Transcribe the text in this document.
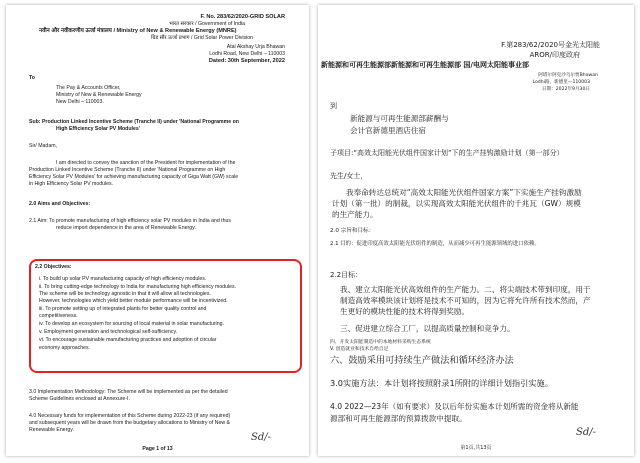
F. No. 283/62/2020-GRID SOLAR
भारत सरकार / Government of India
नवीन और नवीकरणीय ऊर्जा मंत्रालय / Ministry of New & Renewable Energy (MNRE)
ग्रिड सौर ऊर्जा प्रभाग / Grid Solar Power Division
Atal Akshay Urja Bhawan
Lodhi Road, New Delhi – 110003
Dated: 30th September, 2022
To
The Pay & Accounts Officer,
Ministry of New & Renewable Energy
New Delhi – 110003.
Sub: Production Linked Incentive Scheme (Tranche II) under 'National Programme on
High Efficiency Solar PV Modules'
Sir/ Madam,
I am directed to convey the sanction of the President for implementation of the
Production Linked Incentive Scheme (Tranche II) under 'National Programme on High
Efficiency Solar PV Modules' for achieving manufacturing capacity of Giga Watt (GW) scale
in High Efficiency Solar PV modules.
2.0 Aims and Objectives:
2.1 Aim: To promote manufacturing of high efficiency solar PV modules in India and thus
reduce import dependence in the area of Renewable Energy.
2.2 Objectives:
i. To build up solar PV manufacturing capacity of high efficiency modules.
ii. To bring cutting-edge technology to India for manufacturing high efficiency modules.
The scheme will be technology agnostic in that it will allow all technologies.
However, technologies which yield better module performance will be incentivized.
iii. To promote setting up of integrated plants for better quality control and
competitiveness.
iv. To develop an ecosystem for sourcing of local material in solar manufacturing.
v. Employment generation and technological self-sufficiency.
vi. To encourage sustainable manufacturing practices and adoption of circular
economy approaches.
3.0 Implementation Methodology: The Scheme will be implemented as per the detailed
Scheme Guidelines enclosed at Annexure-I.
4.0 Necessary funds for implementation of this Scheme during 2022-23 (if any required)
and subsequent years will be drawn from the budgetary allocations to Ministry of New &
Renewable Energy.
Sd/-
Page 1 of 13
F.第283/62/2020号金光太阳能
AROR/印度政府
新能源和可再生能源部新能源和可再生能源部 国/电网太阳能事业部
阿塔尔阿克沙乌尔贾Bhawan
Lodhi路，新德里—110003
日期：2022年9月30日
到
新能源与可再生能源部薪酬与
会计官新德里酒店住宿
子项目:“高效太阳能光伏组件国家计划”下的生产挂钩激励计划（第一部分）
先生/女士，
我奉命转达总统对“高效太阳能光伏组件国家方案”下实施生产挂钩激励
计划（第一批）的制裁，以实现高效太阳能光伏组件的千兆瓦（GW）规模
的生产能力。
2.0 宗旨和目标：
2.1 目的：促进印度高效太阳能光伏组件的制造，从而减少可再生能源领域的进口依赖。
2.2目标：
我、建立太阳能光伏高效组件的生产能力。二、将尖端技术带到印度，用于
制造高效率模块该计划将是技术不可知的，因为它将允许所有技术然而，产
生更好的模块性能的技术将得到奖励。
三、促进建立综合工厂，以提高质量控制和竞争力。
四、开发太阳能制造中的本地材料采购生态系统
V. 创造就业和技术自给自足
六、鼓励采用可持续生产做法和循环经济办法
3.0实施方法：本计划将按照附录1所附的详细计划指引实施。
4.0 2022—23年（如有要求）及以后年份实施本计划所需的资金将从新能
源部和可再生能源部的预算拨款中提取。
Sd/-
第1页,共13页
